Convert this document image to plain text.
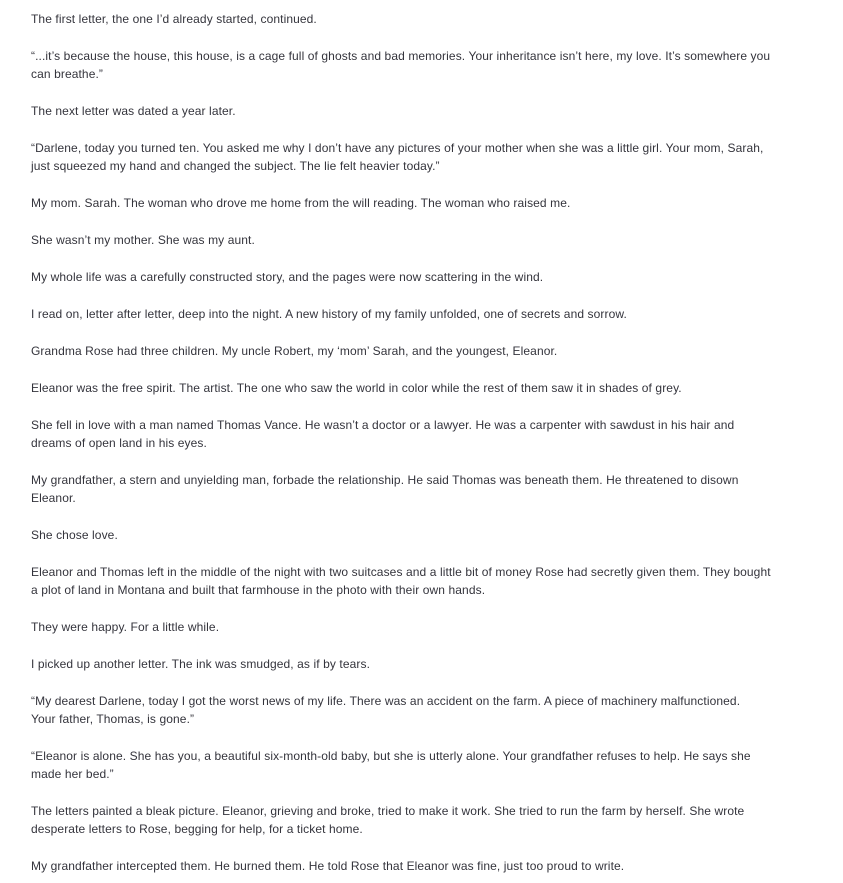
The first letter, the one I’d already started, continued.

“...it’s because the house, this house, is a cage full of ghosts and bad memories. Your inheritance isn’t here, my love. It’s somewhere you
can breathe.”

The next letter was dated a year later.

“Darlene, today you turned ten. You asked me why I don’t have any pictures of your mother when she was a little girl. Your mom, Sarah,
just squeezed my hand and changed the subject. The lie felt heavier today.”

My mom. Sarah. The woman who drove me home from the will reading. The woman who raised me.

She wasn’t my mother. She was my aunt.

My whole life was a carefully constructed story, and the pages were now scattering in the wind.

I read on, letter after letter, deep into the night. A new history of my family unfolded, one of secrets and sorrow.

Grandma Rose had three children. My uncle Robert, my ‘mom’ Sarah, and the youngest, Eleanor.

Eleanor was the free spirit. The artist. The one who saw the world in color while the rest of them saw it in shades of grey.

She fell in love with a man named Thomas Vance. He wasn’t a doctor or a lawyer. He was a carpenter with sawdust in his hair and
dreams of open land in his eyes.

My grandfather, a stern and unyielding man, forbade the relationship. He said Thomas was beneath them. He threatened to disown
Eleanor.

She chose love.

Eleanor and Thomas left in the middle of the night with two suitcases and a little bit of money Rose had secretly given them. They bought
a plot of land in Montana and built that farmhouse in the photo with their own hands.

They were happy. For a little while.

I picked up another letter. The ink was smudged, as if by tears.

“My dearest Darlene, today I got the worst news of my life. There was an accident on the farm. A piece of machinery malfunctioned.
Your father, Thomas, is gone.”

“Eleanor is alone. She has you, a beautiful six-month-old baby, but she is utterly alone. Your grandfather refuses to help. He says she
made her bed.”

The letters painted a bleak picture. Eleanor, grieving and broke, tried to make it work. She tried to run the farm by herself. She wrote
desperate letters to Rose, begging for help, for a ticket home.

My grandfather intercepted them. He burned them. He told Rose that Eleanor was fine, just too proud to write.
